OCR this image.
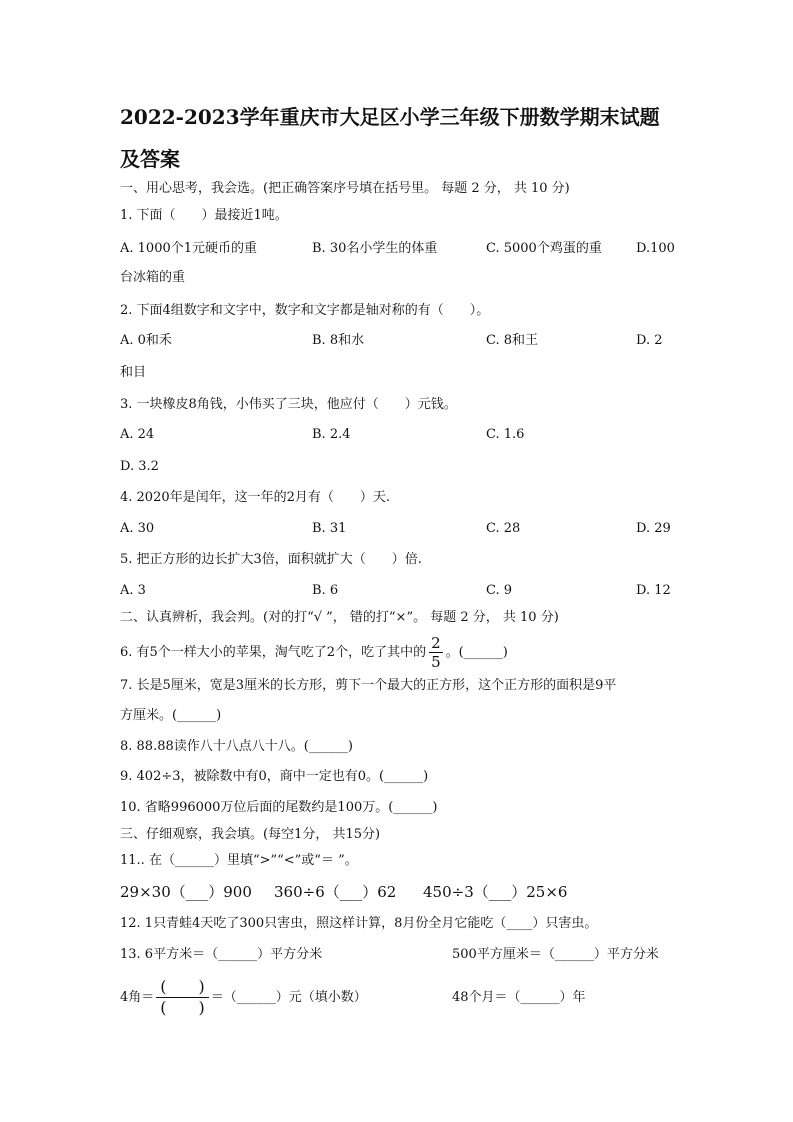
2022-2023学年重庆市大足区小学三年级下册数学期末试题
及答案
一、用心思考，我会选。(把正确答案序号填在括号里。 每题 2 分， 共 10 分)
1. 下面（　　）最接近1吨。
A. 1000个1元硬币的重	B. 30名小学生的体重	C. 5000个鸡蛋的重	D.100
台冰箱的重
2. 下面4组数字和文字中，数字和文字都是轴对称的有（　　）。
A. 0和禾	B. 8和水	C. 8和王	D. 2
和目
3. 一块橡皮8角钱，小伟买了三块，他应付（　　）元钱。
A. 24	B. 2.4	C. 1.6
D. 3.2
4. 2020年是闰年，这一年的2月有（　　）天.
A. 30	B. 31	C. 28	D. 29
5. 把正方形的边长扩大3倍，面积就扩大（　　）倍.
A. 3	B. 6	C. 9	D. 12
二、认真辨析，我会判。(对的打“√ ”， 错的打“×”。 每题 2 分， 共 10 分)
6. 有5个一样大小的苹果，淘气吃了2个，吃了其中的 $\frac{2}{5}$ 。(______)
7. 长是5厘米，宽是3厘米的长方形，剪下一个最大的正方形，这个正方形的面积是9平
方厘米。(______)
8. 88.88读作八十八点八十八。(______)
9. 402÷3，被除数中有0，商中一定也有0。(______)
10. 省略996000万位后面的尾数约是100万。(______)
三、仔细观察，我会填。(每空1分， 共15分)
11.. 在（______）里填“>”“<”或“＝ ”。
29×30（___）900 360÷6（___）62 450÷3（___）25×6
12. 1只青蛙4天吃了300只害虫，照这样计算，8月份全月它能吃（____）只害虫。
13. 6平方米＝（______）平方分米	500平方厘米＝（______）平方分米
4角＝ $\frac{( )}{( )}$ ＝（______）元（填小数）	48个月＝（______）年
